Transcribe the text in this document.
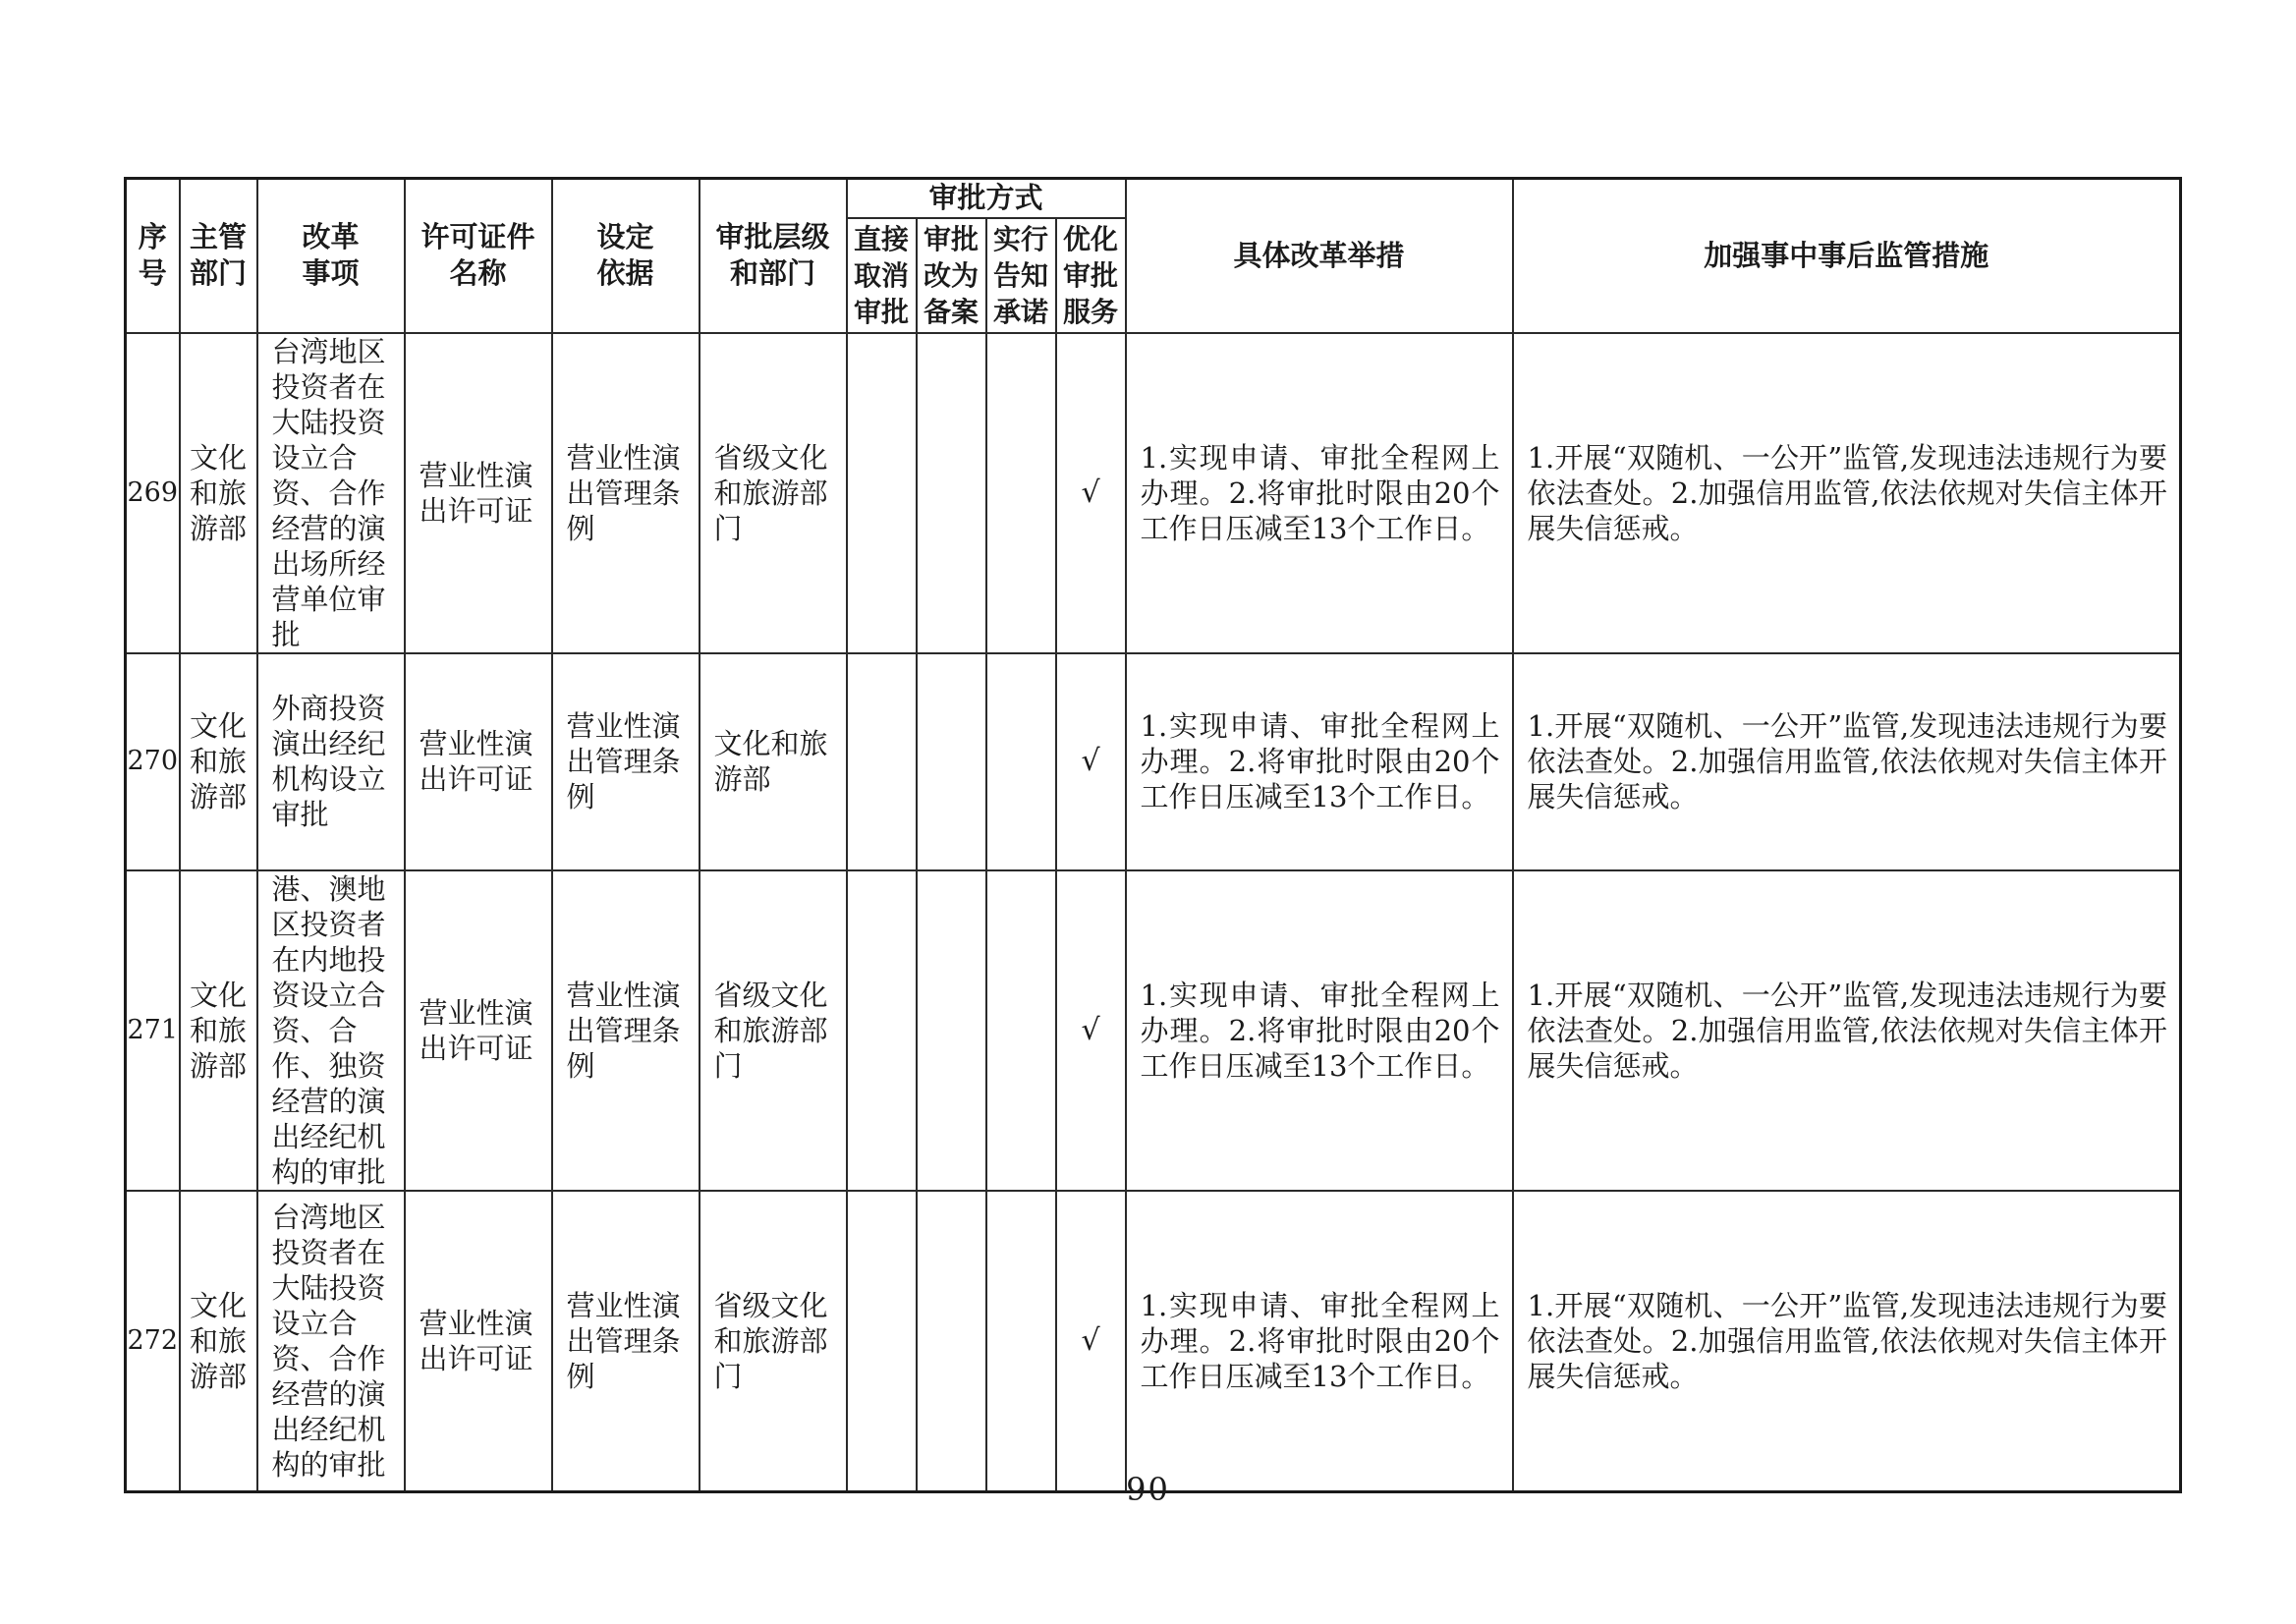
序号	主管部门	改革事项	许可证件名称	设定依据	审批层级和部门	审批方式				具体改革举措	加强事中事后监管措施
						直接取消审批	审批改为备案	实行告知承诺	优化审批服务		
269	文化和旅游部	台湾地区投资者在大陆投资设立合资、合作经营的演出场所经营单位审批	营业性演出许可证	营业性演出管理条例	省级文化和旅游部门				√	1.实现申请、审批全程网上办理。2.将审批时限由20个工作日压减至13个工作日。	1.开展“双随机、一公开”监管,发现违法违规行为要依法查处。2.加强信用监管,依法依规对失信主体开展失信惩戒。
270	文化和旅游部	外商投资演出经纪机构设立审批	营业性演出许可证	营业性演出管理条例	文化和旅游部				√	1.实现申请、审批全程网上办理。2.将审批时限由20个工作日压减至13个工作日。	1.开展“双随机、一公开”监管,发现违法违规行为要依法查处。2.加强信用监管,依法依规对失信主体开展失信惩戒。
271	文化和旅游部	港、澳地区投资者在内地投资设立合资、合作、独资经营的演出经纪机构的审批	营业性演出许可证	营业性演出管理条例	省级文化和旅游部门				√	1.实现申请、审批全程网上办理。2.将审批时限由20个工作日压减至13个工作日。	1.开展“双随机、一公开”监管,发现违法违规行为要依法查处。2.加强信用监管,依法依规对失信主体开展失信惩戒。
272	文化和旅游部	台湾地区投资者在大陆投资设立合资、合作经营的演出经纪机构的审批	营业性演出许可证	营业性演出管理条例	省级文化和旅游部门				√	1.实现申请、审批全程网上办理。2.将审批时限由20个工作日压减至13个工作日。	1.开展“双随机、一公开”监管,发现违法违规行为要依法查处。2.加强信用监管,依法依规对失信主体开展失信惩戒。
— 90 —
